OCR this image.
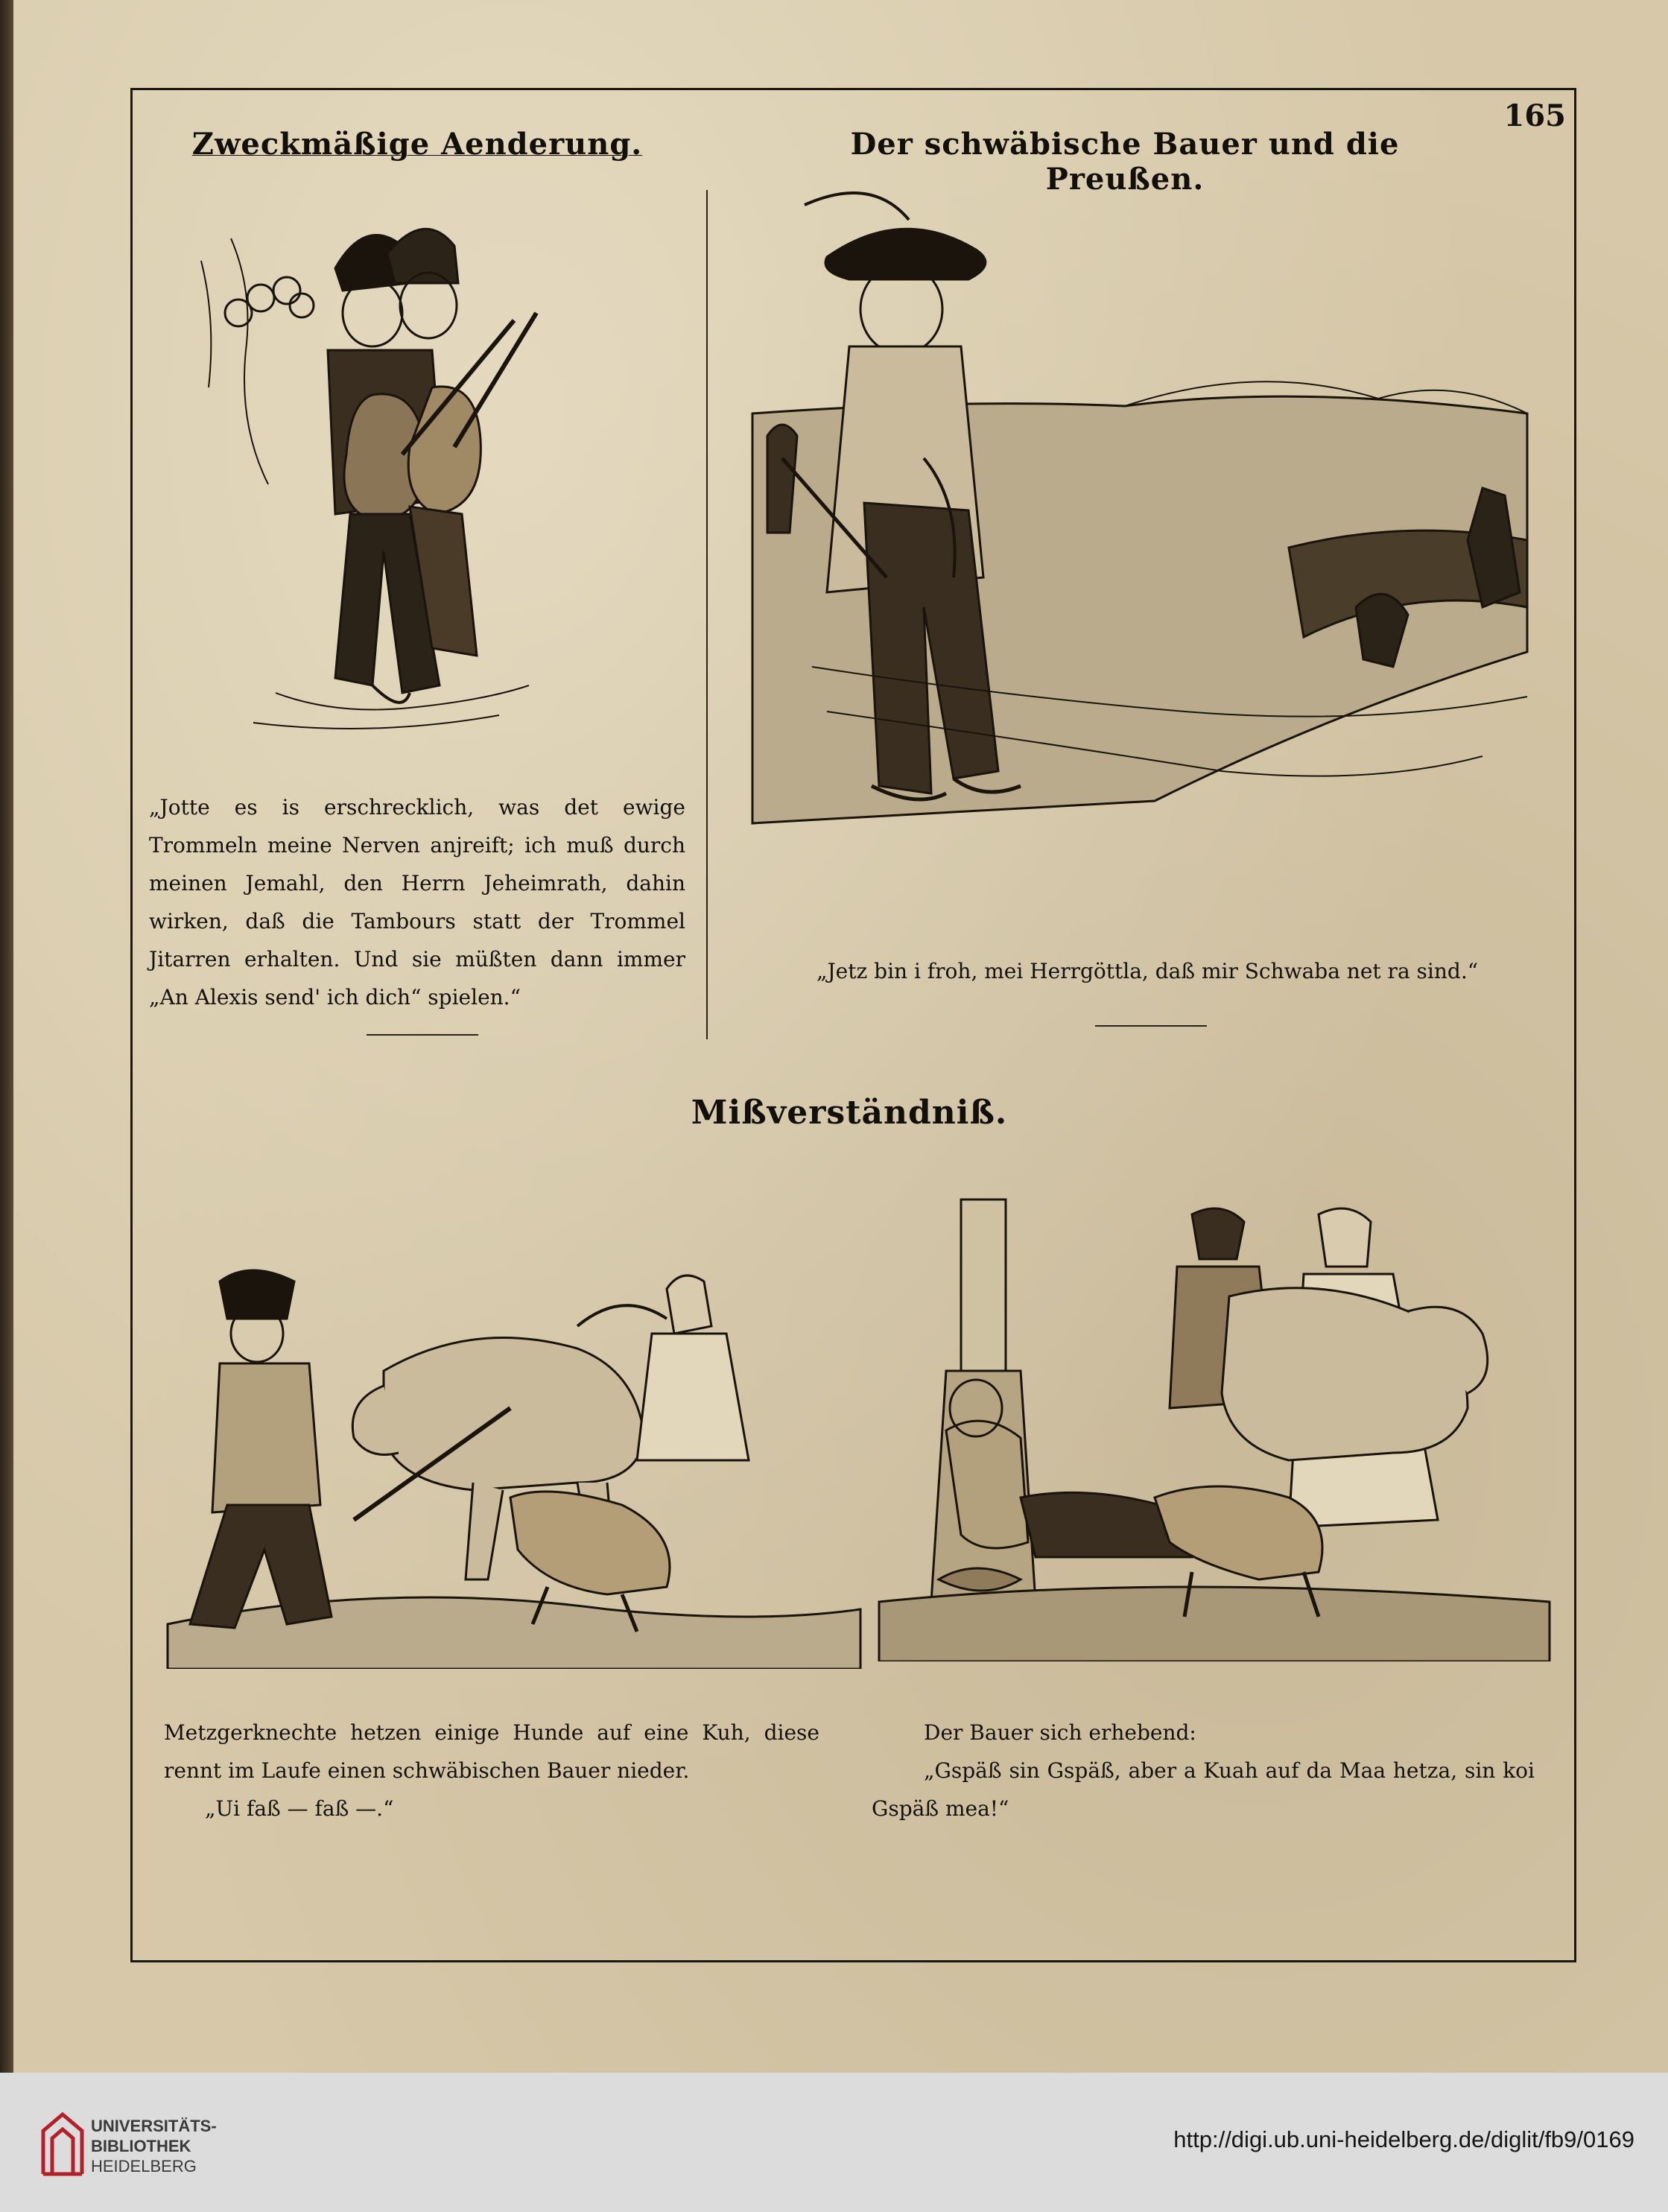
165
Zweckmäßige Aenderung.	Der schwäbische Bauer und die Preußen.
„Jotte es is erschrecklich, was det ewige Trommeln meine Nerven anjreift; ich muß durch meinen Jemahl, den Herrn Jeheimrath, dahin wirken, daß die Tambours statt der Trommel Jitarren erhalten. Und sie müßten dann immer „An Alexis send' ich dich“ spielen.“
„Jetz bin i froh, mei Herrgöttla, daß mir Schwaba net ra sind.“
Mißverständniß.
Metzgerknechte hetzen einige Hunde auf eine Kuh, diese rennt im Laufe einen schwäbischen Bauer nieder.
„Ui faß — faß —.“
Der Bauer sich erhebend:
„Gspäß sin Gspäß, aber a Kuah auf da Maa hetza, sin koi Gspäß mea!“
UNIVERSITÄTS-
BIBLIOTHEK
HEIDELBERG
http://digi.ub.uni-heidelberg.de/diglit/fb9/0169
